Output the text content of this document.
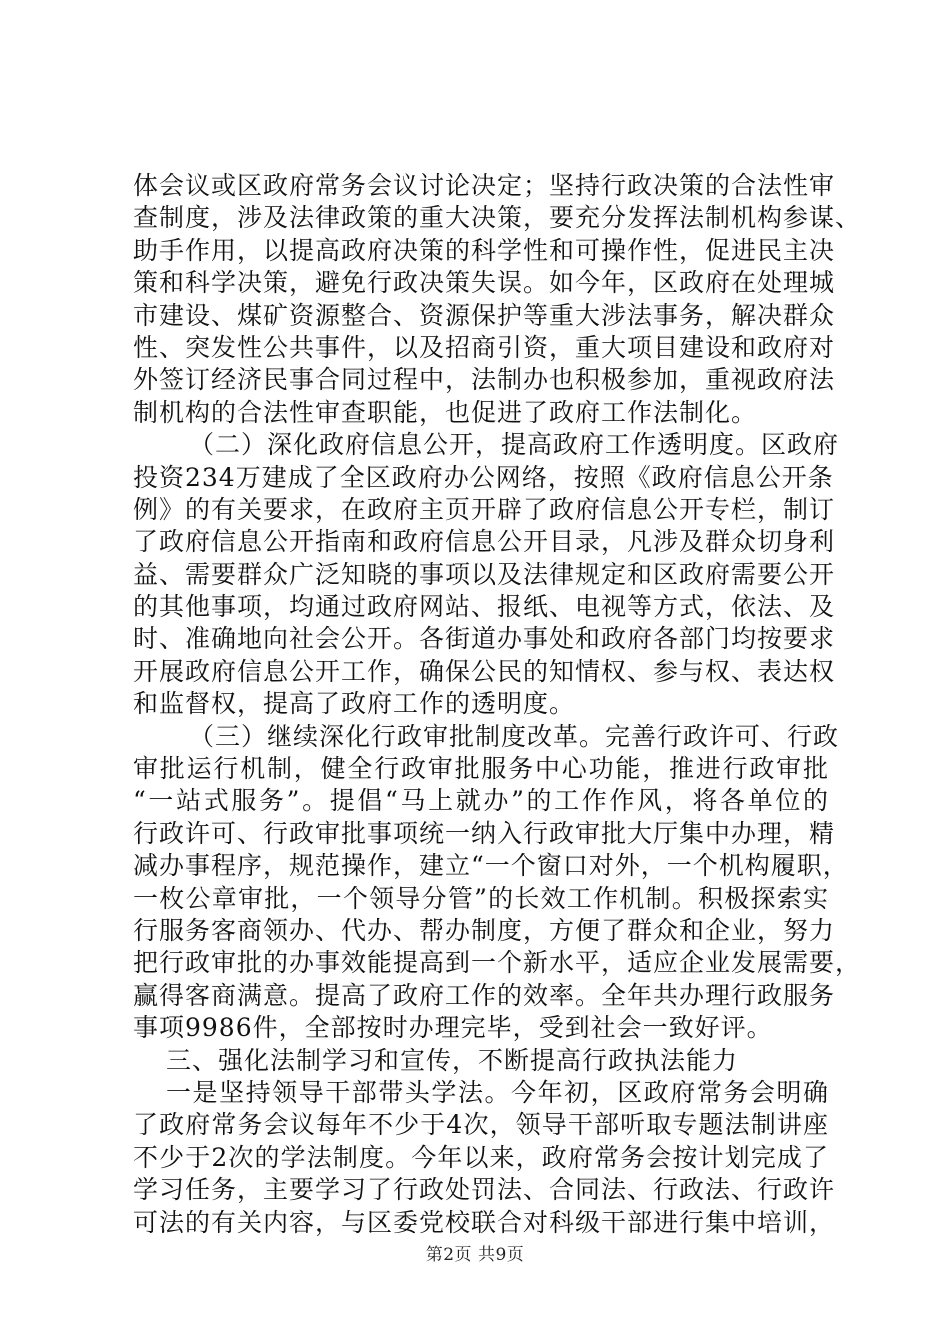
体会议或区政府常务会议讨论决定；坚持行政决策的合法性审
查制度，涉及法律政策的重大决策，要充分发挥法制机构参谋、
助手作用，以提高政府决策的科学性和可操作性，促进民主决
策和科学决策，避免行政决策失误。如今年，区政府在处理城
市建设、煤矿资源整合、资源保护等重大涉法事务，解决群众
性、突发性公共事件，以及招商引资，重大项目建设和政府对
外签订经济民事合同过程中，法制办也积极参加，重视政府法
制机构的合法性审查职能，也促进了政府工作法制化。
（二）深化政府信息公开，提高政府工作透明度。区政府
投资234万建成了全区政府办公网络，按照《政府信息公开条
例》的有关要求，在政府主页开辟了政府信息公开专栏，制订
了政府信息公开指南和政府信息公开目录，凡涉及群众切身利
益、需要群众广泛知晓的事项以及法律规定和区政府需要公开
的其他事项，均通过政府网站、报纸、电视等方式，依法、及
时、准确地向社会公开。各街道办事处和政府各部门均按要求
开展政府信息公开工作，确保公民的知情权、参与权、表达权
和监督权，提高了政府工作的透明度。
（三）继续深化行政审批制度改革。完善行政许可、行政
审批运行机制，健全行政审批服务中心功能，推进行政审批
“一站式服务”。提倡“马上就办”的工作作风，将各单位的
行政许可、行政审批事项统一纳入行政审批大厅集中办理，精
减办事程序，规范操作，建立“一个窗口对外，一个机构履职，
一枚公章审批，一个领导分管”的长效工作机制。积极探索实
行服务客商领办、代办、帮办制度，方便了群众和企业，努力
把行政审批的办事效能提高到一个新水平，适应企业发展需要，
赢得客商满意。提高了政府工作的效率。全年共办理行政服务
事项9986件，全部按时办理完毕，受到社会一致好评。
三、强化法制学习和宣传，不断提高行政执法能力
一是坚持领导干部带头学法。今年初，区政府常务会明确
了政府常务会议每年不少于4次，领导干部听取专题法制讲座
不少于2次的学法制度。今年以来，政府常务会按计划完成了
学习任务，主要学习了行政处罚法、合同法、行政法、行政许
可法的有关内容，与区委党校联合对科级干部进行集中培训，
第2页 共9页
